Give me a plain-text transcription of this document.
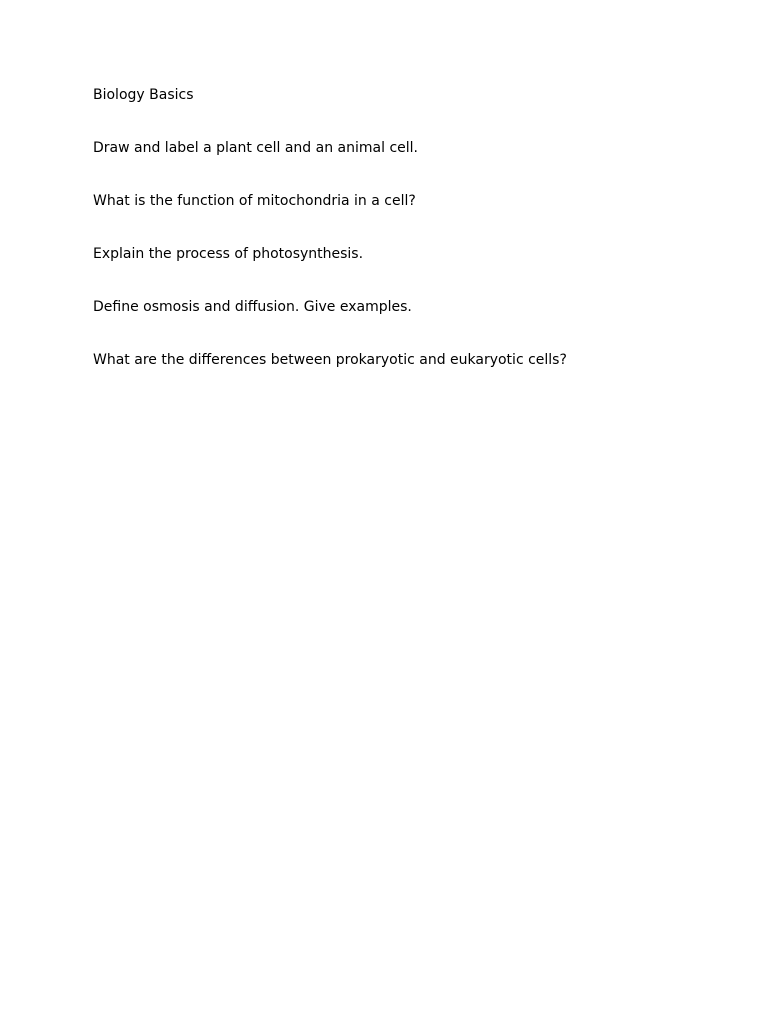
Biology Basics

Draw and label a plant cell and an animal cell.

What is the function of mitochondria in a cell?

Explain the process of photosynthesis.

Define osmosis and diffusion. Give examples.

What are the differences between prokaryotic and eukaryotic cells?
